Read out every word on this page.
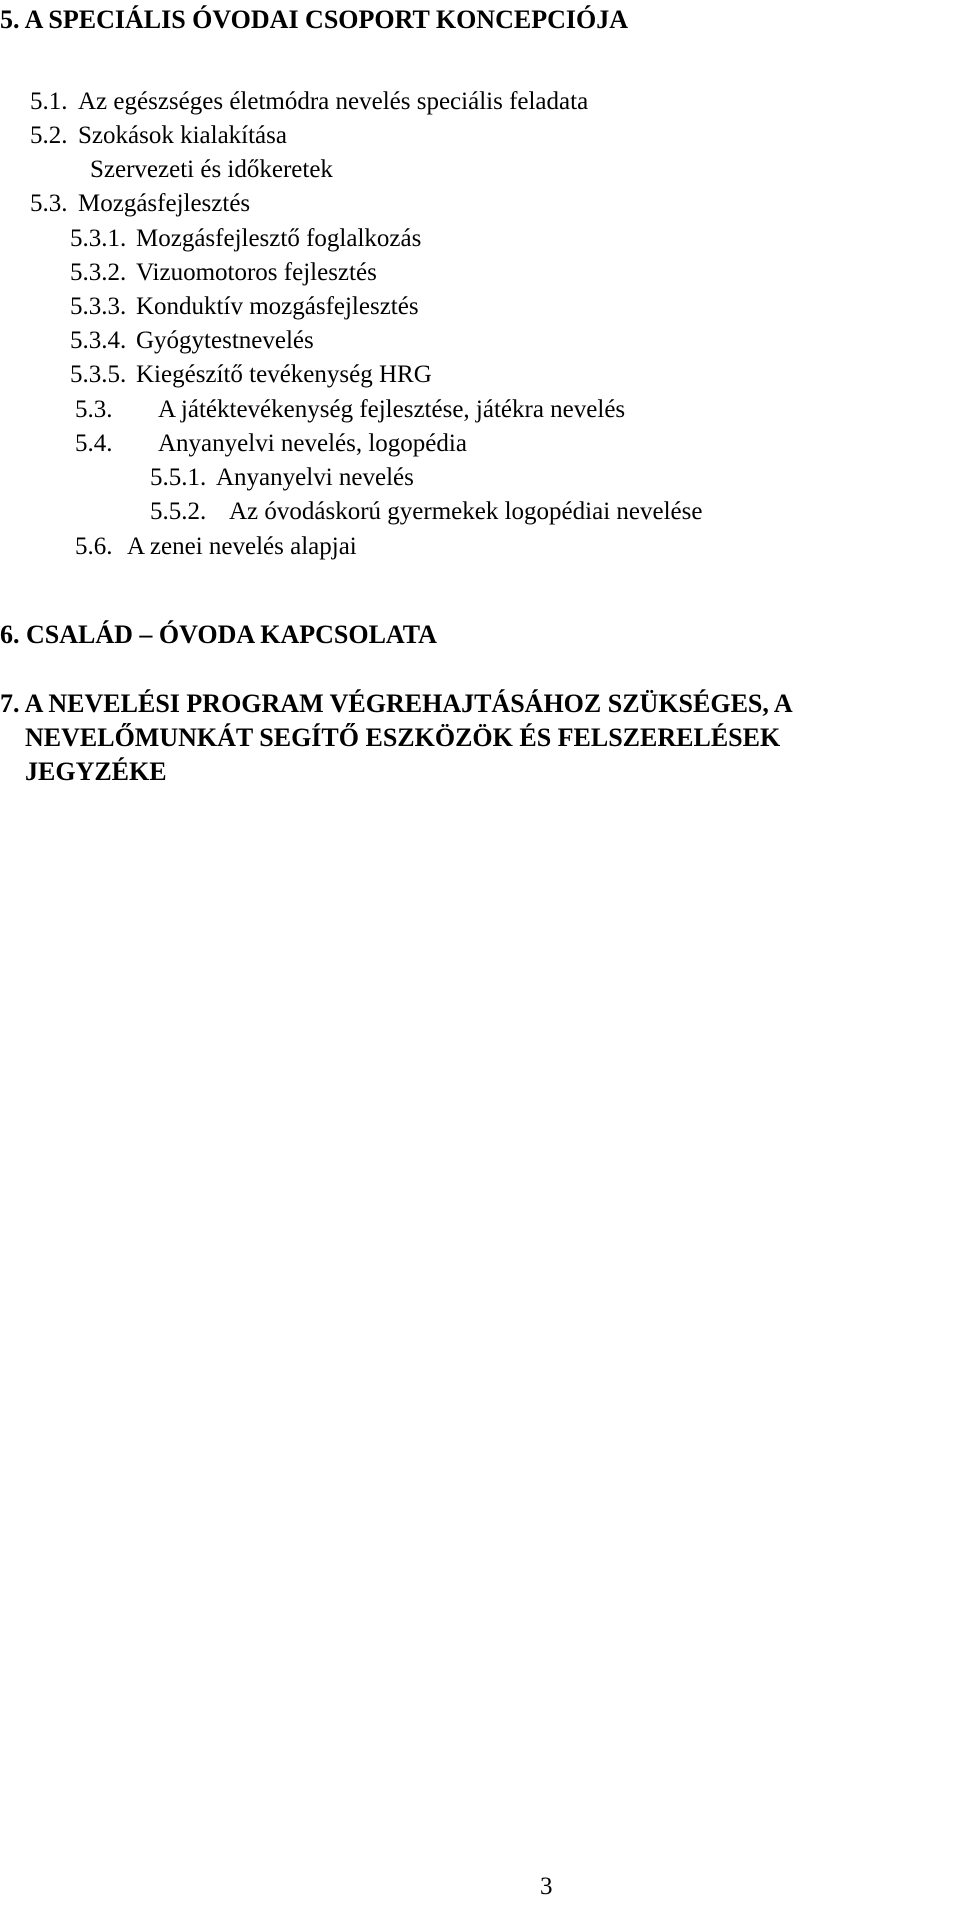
5. A SPECIÁLIS ÓVODAI CSOPORT KONCEPCIÓJA
5.1. Az egészséges életmódra nevelés speciális feladata
5.2. Szokások kialakítása
Szervezeti és időkeretek
5.3. Mozgásfejlesztés
5.3.1. Mozgásfejlesztő foglalkozás
5.3.2. Vizuomotoros fejlesztés
5.3.3. Konduktív mozgásfejlesztés
5.3.4. Gyógytestnevelés
5.3.5. Kiegészítő tevékenység HRG
5.3. A játéktevékenység fejlesztése, játékra nevelés
5.4. Anyanyelvi nevelés, logopédia
5.5.1. Anyanyelvi nevelés
5.5.2. Az óvodáskorú gyermekek logopédiai nevelése
5.6. A zenei nevelés alapjai
6. CSALÁD – ÓVODA KAPCSOLATA
7. A NEVELÉSI PROGRAM VÉGREHAJTÁSÁHOZ SZÜKSÉGES, A
NEVELŐMUNKÁT SEGÍTŐ ESZKÖZÖK ÉS FELSZERELÉSEK
JEGYZÉKE
3
